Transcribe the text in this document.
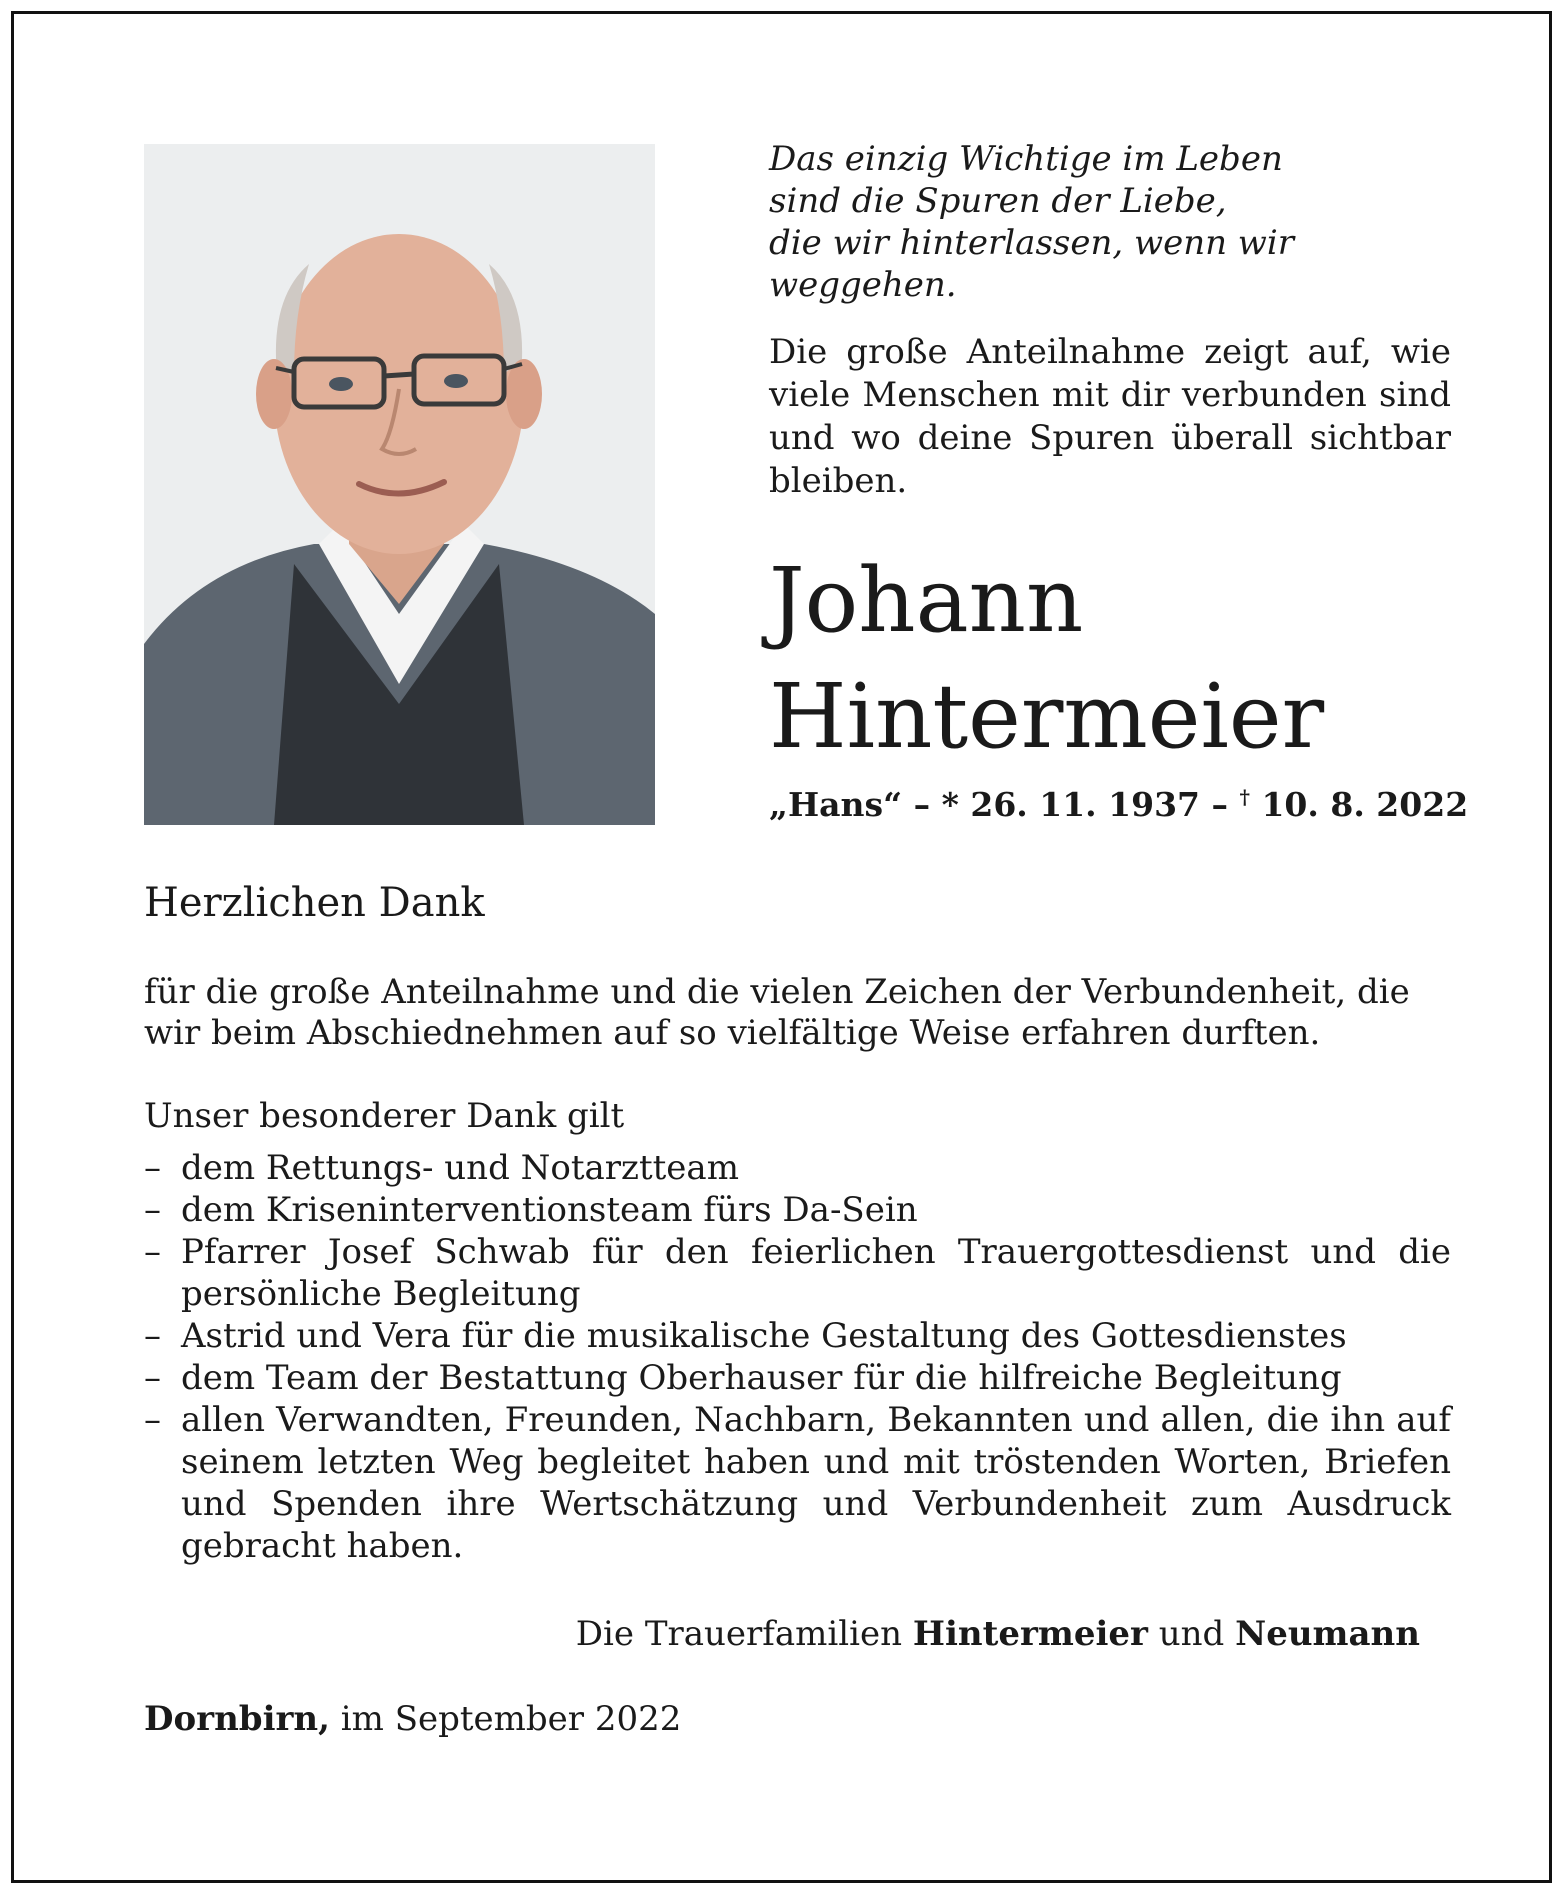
Das einzig Wichtige im Leben
sind die Spuren der Liebe,
die wir hinterlassen, wenn wir weggehen.
Die große Anteilnahme zeigt auf, wie viele Menschen mit dir verbunden sind und wo deine Spuren überall sichtbar bleiben.
Johann
Hintermeier
„Hans“ – * 26. 11. 1937 – † 10. 8. 2022
Herzlichen Dank
für die große Anteilnahme und die vielen Zeichen der Verbundenheit, die wir beim Abschiednehmen auf so vielfältige Weise erfahren durften.
Unser besonderer Dank gilt
– dem Rettungs- und Notarztteam
– dem Kriseninterventionsteam fürs Da-Sein
– Pfarrer Josef Schwab für den feierlichen Trauergottesdienst und die persönliche Begleitung
– Astrid und Vera für die musikalische Gestaltung des Gottesdienstes
– dem Team der Bestattung Oberhauser für die hilfreiche Begleitung
– allen Verwandten, Freunden, Nachbarn, Bekannten und allen, die ihn auf seinem letzten Weg begleitet haben und mit tröstenden Worten, Briefen und Spenden ihre Wertschätzung und Verbundenheit zum Ausdruck gebracht haben.
Die Trauerfamilien Hintermeier und Neumann
Dornbirn, im September 2022
